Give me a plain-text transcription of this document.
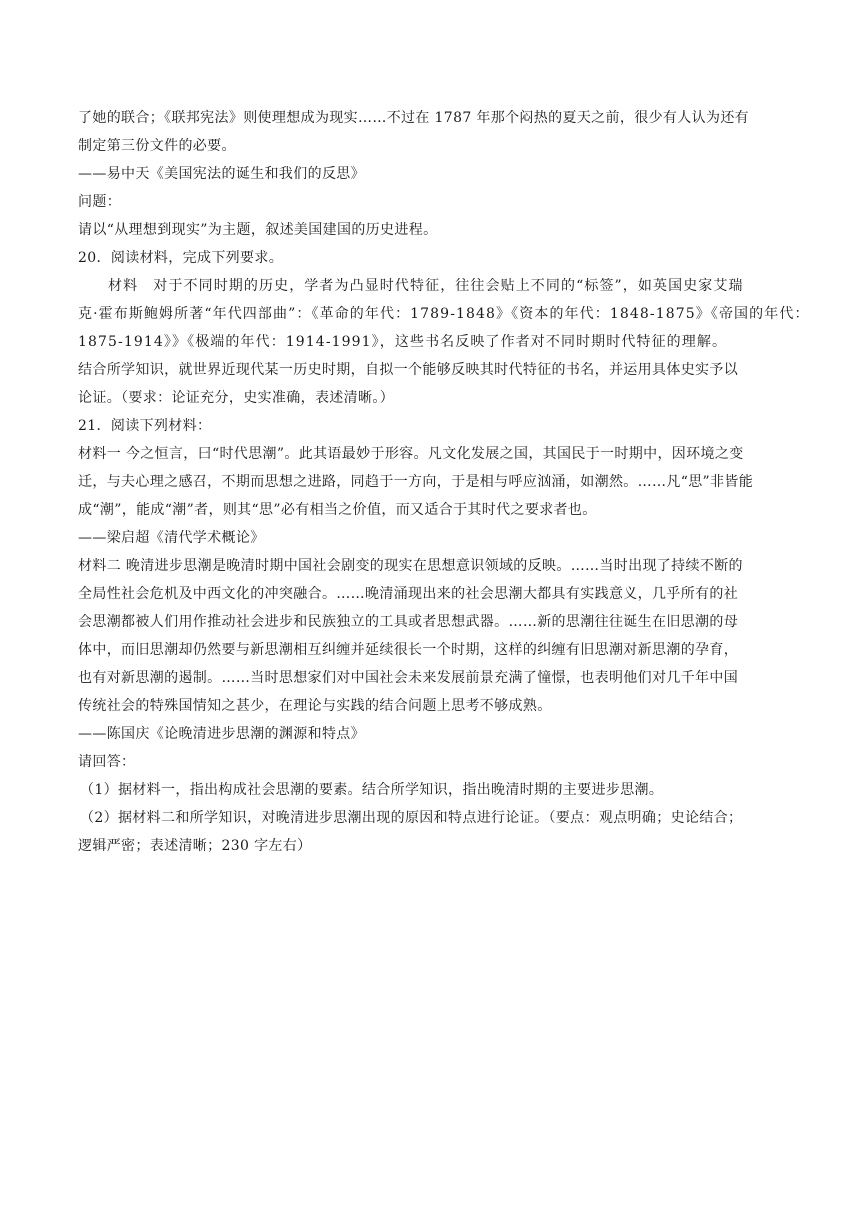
了她的联合；《联邦宪法》则使理想成为现实……不过在 1787 年那个闷热的夏天之前，很少有人认为还有
制定第三份文件的必要。
——易中天《美国宪法的诞生和我们的反思》
问题：
请以“从理想到现实”为主题，叙述美国建国的历史进程。
20．阅读材料，完成下列要求。
材料　对于不同时期的历史，学者为凸显时代特征，往往会贴上不同的“标签”，如英国史家艾瑞
克·霍布斯鲍姆所著“年代四部曲”：《革命的年代：1789-1848》《资本的年代：1848-1875》《帝国的年代：
1875-1914》》《极端的年代：1914-1991》，这些书名反映了作者对不同时期时代特征的理解。
结合所学知识，就世界近现代某一历史时期，自拟一个能够反映其时代特征的书名，并运用具体史实予以
论证。（要求：论证充分，史实准确，表述清晰。）
21．阅读下列材料：
材料一 今之恒言，曰“时代思潮”。此其语最妙于形容。凡文化发展之国，其国民于一时期中，因环境之变
迁，与夫心理之感召，不期而思想之进路，同趋于一方向，于是相与呼应汹涌，如潮然。……凡“思”非皆能
成“潮”，能成“潮”者，则其“思”必有相当之价值，而又适合于其时代之要求者也。
——梁启超《清代学术概论》
材料二 晚清进步思潮是晚清时期中国社会剧变的现实在思想意识领域的反映。……当时出现了持续不断的
全局性社会危机及中西文化的冲突融合。……晚清涌现出来的社会思潮大都具有实践意义，几乎所有的社
会思潮都被人们用作推动社会进步和民族独立的工具或者思想武器。……新的思潮往往诞生在旧思潮的母
体中，而旧思潮却仍然要与新思潮相互纠缠并延续很长一个时期，这样的纠缠有旧思潮对新思潮的孕育，
也有对新思潮的遏制。……当时思想家们对中国社会未来发展前景充满了憧憬，也表明他们对几千年中国
传统社会的特殊国情知之甚少，在理论与实践的结合问题上思考不够成熟。
——陈国庆《论晚清进步思潮的渊源和特点》
请回答：
（1）据材料一，指出构成社会思潮的要素。结合所学知识，指出晚清时期的主要进步思潮。
（2）据材料二和所学知识，对晚清进步思潮出现的原因和特点进行论证。（要点：观点明确；史论结合；
逻辑严密；表述清晰；230 字左右）
